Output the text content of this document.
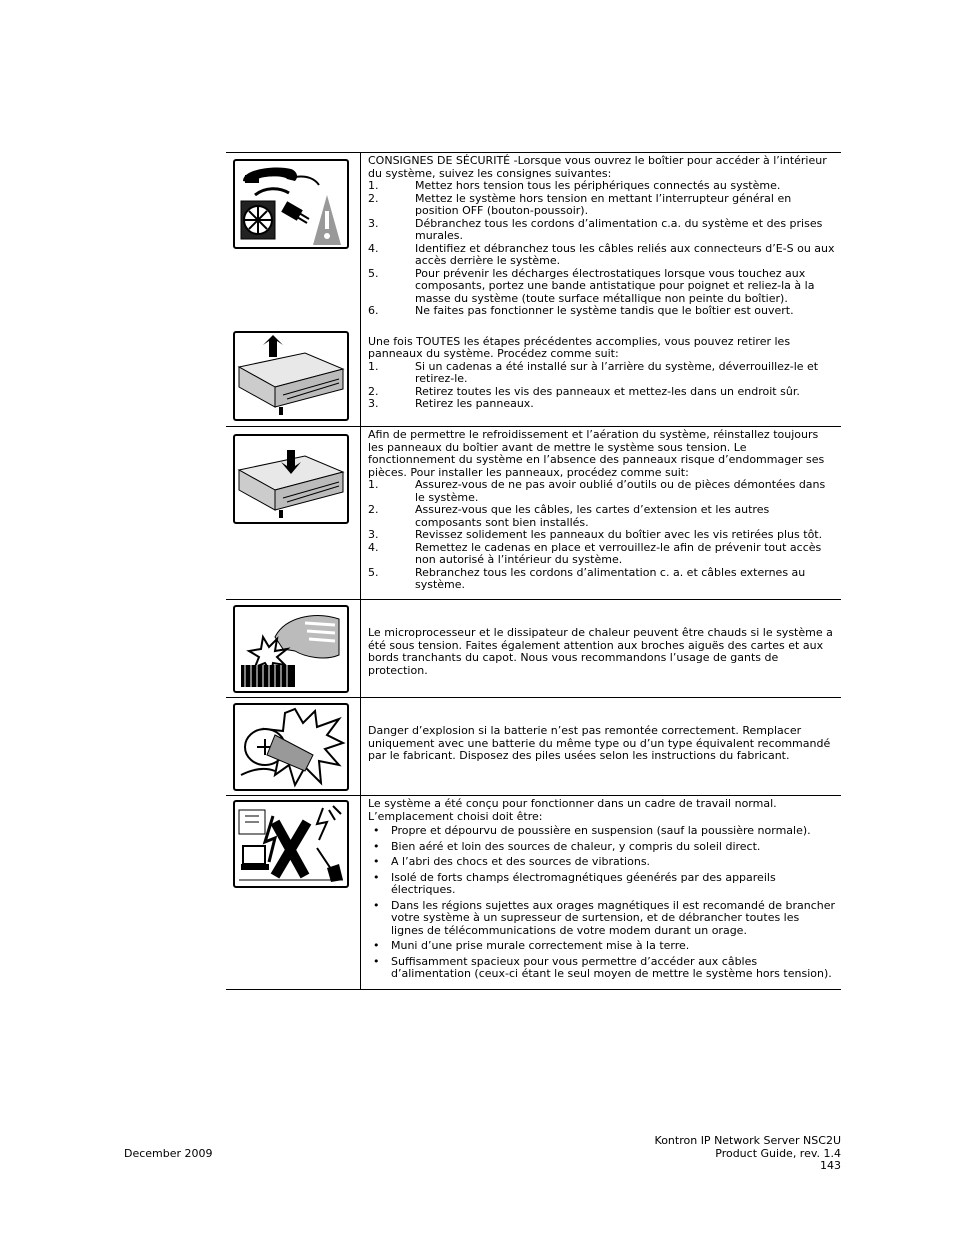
CONSIGNES DE SÉCURITÉ -Lorsque vous ouvrez le boîtier pour accéder à l’intérieur du système, suivez les consignes suivantes:

1.	Mettez hors tension tous les périphériques connectés au système.
2.	Mettez le système hors tension en mettant l’interrupteur général en position OFF (bouton-poussoir).
3.	Débranchez tous les cordons d’alimentation c.a. du système et des prises murales.
4.	Identifiez et débranchez tous les câbles reliés aux connecteurs d’E-S ou aux accès derrière le système.
5.	Pour prévenir les décharges électrostatiques lorsque vous touchez aux composants, portez une bande antistatique pour poignet et reliez-la à la masse du système (toute surface métallique non peinte du boîtier).
6.	Ne faites pas fonctionner le système tandis que le boîtier est ouvert.

Une fois TOUTES les étapes précédentes accomplies, vous pouvez retirer les panneaux du système. Procédez comme suit:

1.	Si un cadenas a été installé sur à l’arrière du système, déverrouillez-le et retirez-le.
2.	Retirez toutes les vis des panneaux et mettez-les dans un endroit sûr.
3.	Retirez les panneaux.

Afin de permettre le refroidissement et l’aération du système, réinstallez toujours les panneaux du boîtier avant de mettre le système sous tension. Le fonctionnement du système en l’absence des panneaux risque d’endommager ses pièces. Pour installer les panneaux, procédez comme suit:

1.	Assurez-vous de ne pas avoir oublié d’outils ou de pièces démontées dans le système.
2.	Assurez-vous que les câbles, les cartes d’extension et les autres composants sont bien installés.
3.	Revissez solidement les panneaux du boîtier avec les vis retirées plus tôt.
4.	Remettez le cadenas en place et verrouillez-le afin de prévenir tout accès non autorisé à l’intérieur du système.
5.	Rebranchez tous les cordons d’alimentation c. a. et câbles externes au système.

Le microprocesseur et le dissipateur de chaleur peuvent être chauds si le système a été sous tension. Faites également attention aux broches aiguës des cartes et aux bords tranchants du capot. Nous vous recommandons l’usage de gants de protection.

Danger d’explosion si la batterie n’est pas remontée correctement. Remplacer uniquement avec une batterie du même type ou d’un type équivalent recommandé par le fabricant. Disposez des piles usées selon les instructions du fabricant.

Le système a été conçu pour fonctionner dans un cadre de travail normal. L’emplacement choisi doit être:

•	Propre et dépourvu de poussière en suspension (sauf la poussière normale).
•	Bien aéré et loin des sources de chaleur, y compris du soleil direct.
•	A l’abri des chocs et des sources de vibrations.
•	Isolé de forts champs électromagnétiques géenérés par des appareils électriques.
•	Dans les régions sujettes aux orages magnétiques il est recomandé de brancher votre système à un supresseur de surtension, et de débrancher toutes les lignes de télécommunications de votre modem durant un orage.
•	Muni d’une prise murale correctement mise à la terre.
•	Suffisamment spacieux pour vous permettre d’accéder aux câbles d’alimentation (ceux-ci étant le seul moyen de mettre le système hors tension).
December 2009
Kontron IP Network Server NSC2U
Product Guide, rev. 1.4
143
